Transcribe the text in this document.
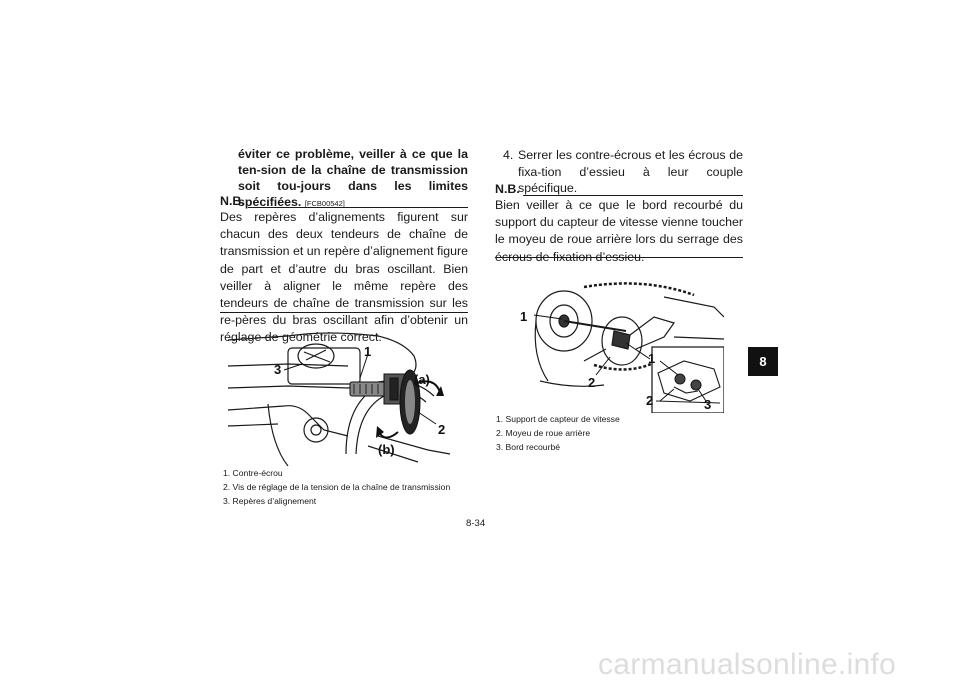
éviter ce problème, veiller à ce que la ten-sion de la chaîne de transmission soit tou-jours dans les limites spécifiées. [FCB00542]
N.B.
Des repères d’alignements figurent sur chacun des deux tendeurs de chaîne de transmission et un repère d’alignement figure de part et d’autre du bras oscillant. Bien veiller à aligner le même repère des tendeurs de chaîne de transmission sur les re-pères du bras oscillant afin d’obtenir un réglage de géométrie correct.
1
3
(a)
2
(b)
1. Contre-écrou
2. Vis de réglage de la tension de la chaîne de transmission
3. Repères d’alignement
4. Serrer les contre-écrous et les écrous de fixa-tion d’essieu à leur couple spécifique.
N.B.
Bien veiller à ce que le bord recourbé du support du capteur de vitesse vienne toucher le moyeu de roue arrière lors du serrage des écrous de fixation d’essieu.
1
2
1
2	3
1. Support de capteur de vitesse
2. Moyeu de roue arrière
3. Bord recourbé
8
8-34
carmanualsonline.info
